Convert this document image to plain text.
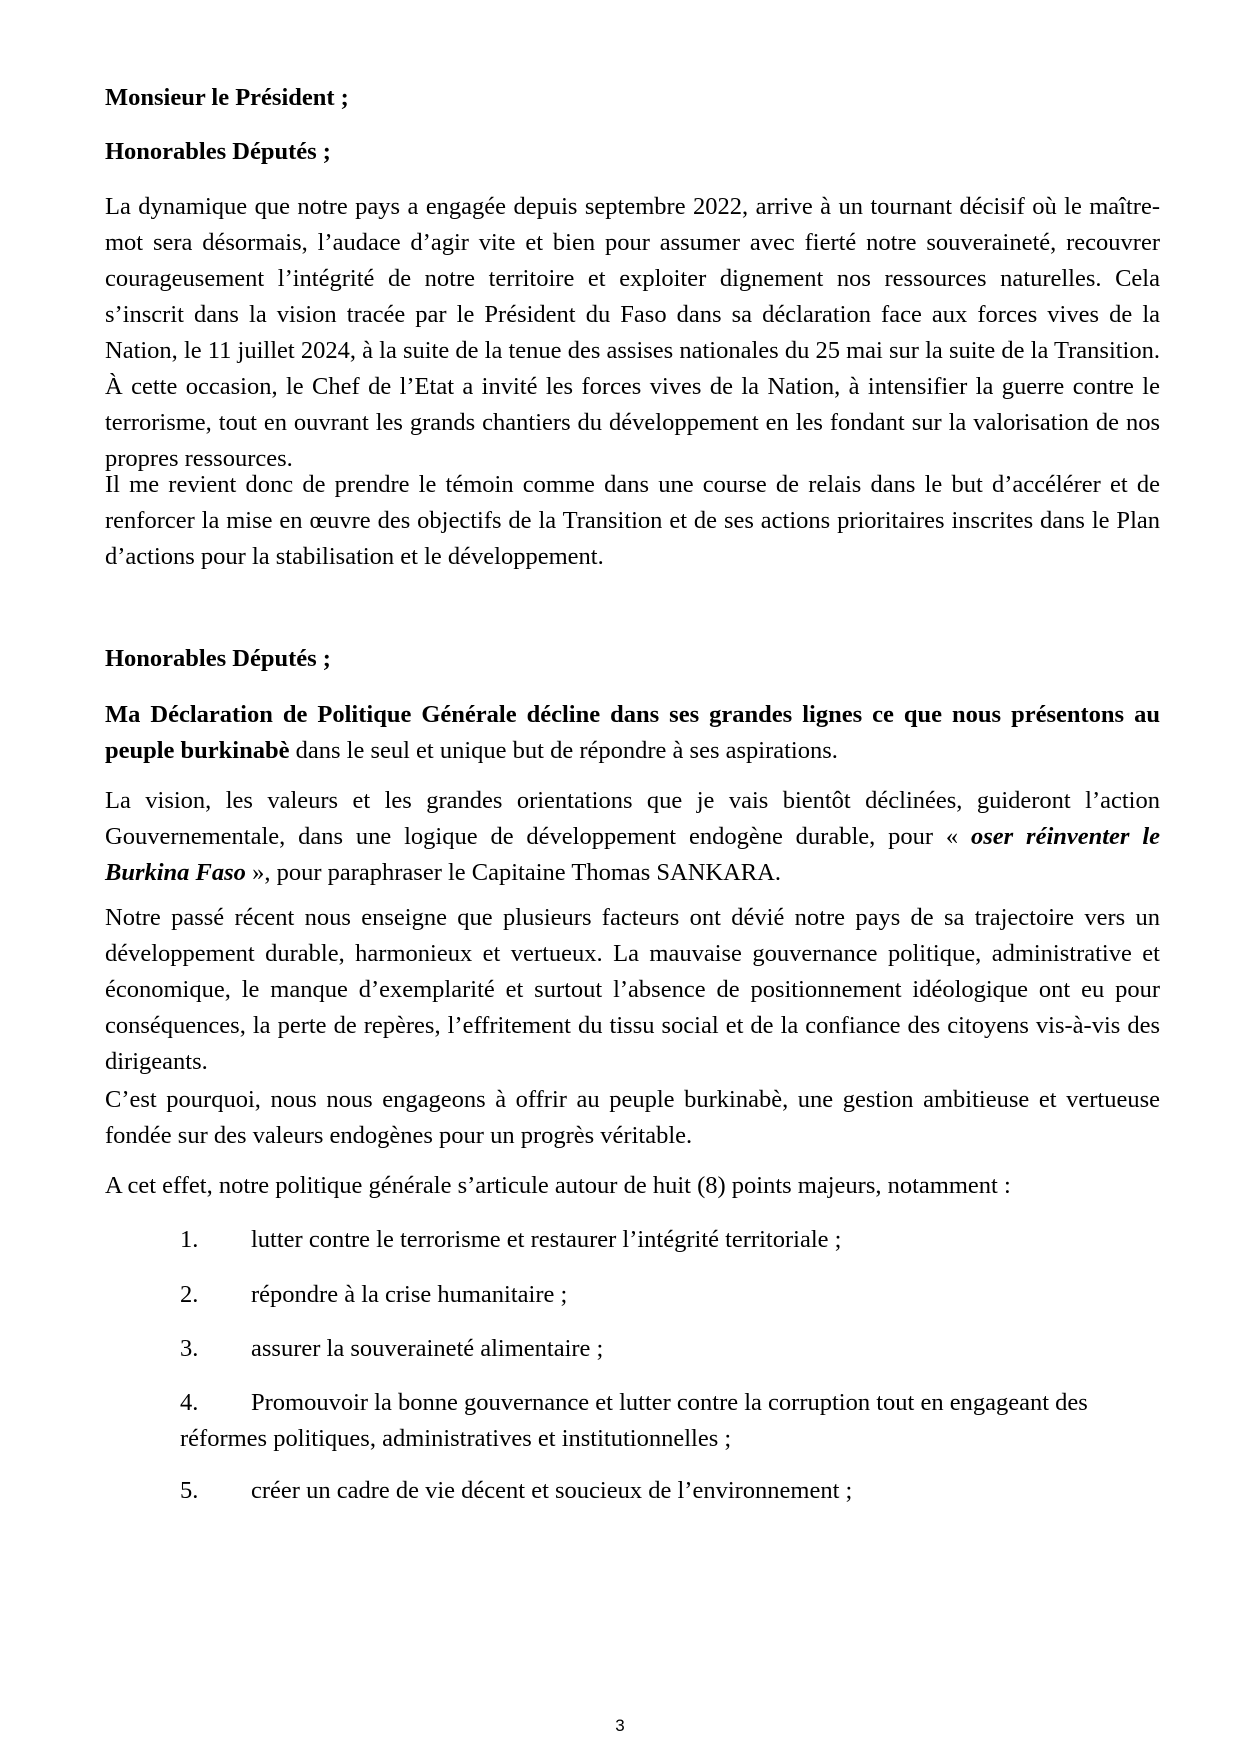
Monsieur le Président ;

Honorables Députés ;

La dynamique que notre pays a engagée depuis septembre 2022, arrive à un tournant décisif où le maître-mot sera désormais, l’audace d’agir vite et bien pour assumer avec fierté notre souveraineté, recouvrer courageusement l’intégrité de notre territoire et exploiter dignement nos ressources naturelles. Cela s’inscrit dans la vision tracée par le Président du Faso dans sa déclaration face aux forces vives de la Nation, le 11 juillet 2024, à la suite de la tenue des assises nationales du 25 mai sur la suite de la Transition. À cette occasion, le Chef de l’Etat a invité les forces vives de la Nation, à intensifier la guerre contre le terrorisme, tout en ouvrant les grands chantiers du développement en les fondant sur la valorisation de nos propres ressources.

Il me revient donc de prendre le témoin comme dans une course de relais dans le but d’accélérer et de renforcer la mise en œuvre des objectifs de la Transition et de ses actions prioritaires inscrites dans le Plan d’actions pour la stabilisation et le développement.

Honorables Députés ;

Ma Déclaration de Politique Générale décline dans ses grandes lignes ce que nous présentons au peuple burkinabè dans le seul et unique but de répondre à ses aspirations.

La vision, les valeurs et les grandes orientations que je vais bientôt déclinées, guideront l’action Gouvernementale, dans une logique de développement endogène durable, pour « oser réinventer le Burkina Faso », pour paraphraser le Capitaine Thomas SANKARA.

Notre passé récent nous enseigne que plusieurs facteurs ont dévié notre pays de sa trajectoire vers un développement durable, harmonieux et vertueux. La mauvaise gouvernance politique, administrative et économique, le manque d’exemplarité et surtout l’absence de positionnement idéologique ont eu pour conséquences, la perte de repères, l’effritement du tissu social et de la confiance des citoyens vis-à-vis des dirigeants.

C’est pourquoi, nous nous engageons à offrir au peuple burkinabè, une gestion ambitieuse et vertueuse fondée sur des valeurs endogènes pour un progrès véritable.

A cet effet, notre politique générale s’articule autour de huit (8) points majeurs, notamment :

1. lutter contre le terrorisme et restaurer l’intégrité territoriale ;
2. répondre à la crise humanitaire ;
3. assurer la souveraineté alimentaire ;
4. Promouvoir la bonne gouvernance et lutter contre la corruption tout en engageant des réformes politiques, administratives et institutionnelles ;
5. créer un cadre de vie décent et soucieux de l’environnement ;
3
